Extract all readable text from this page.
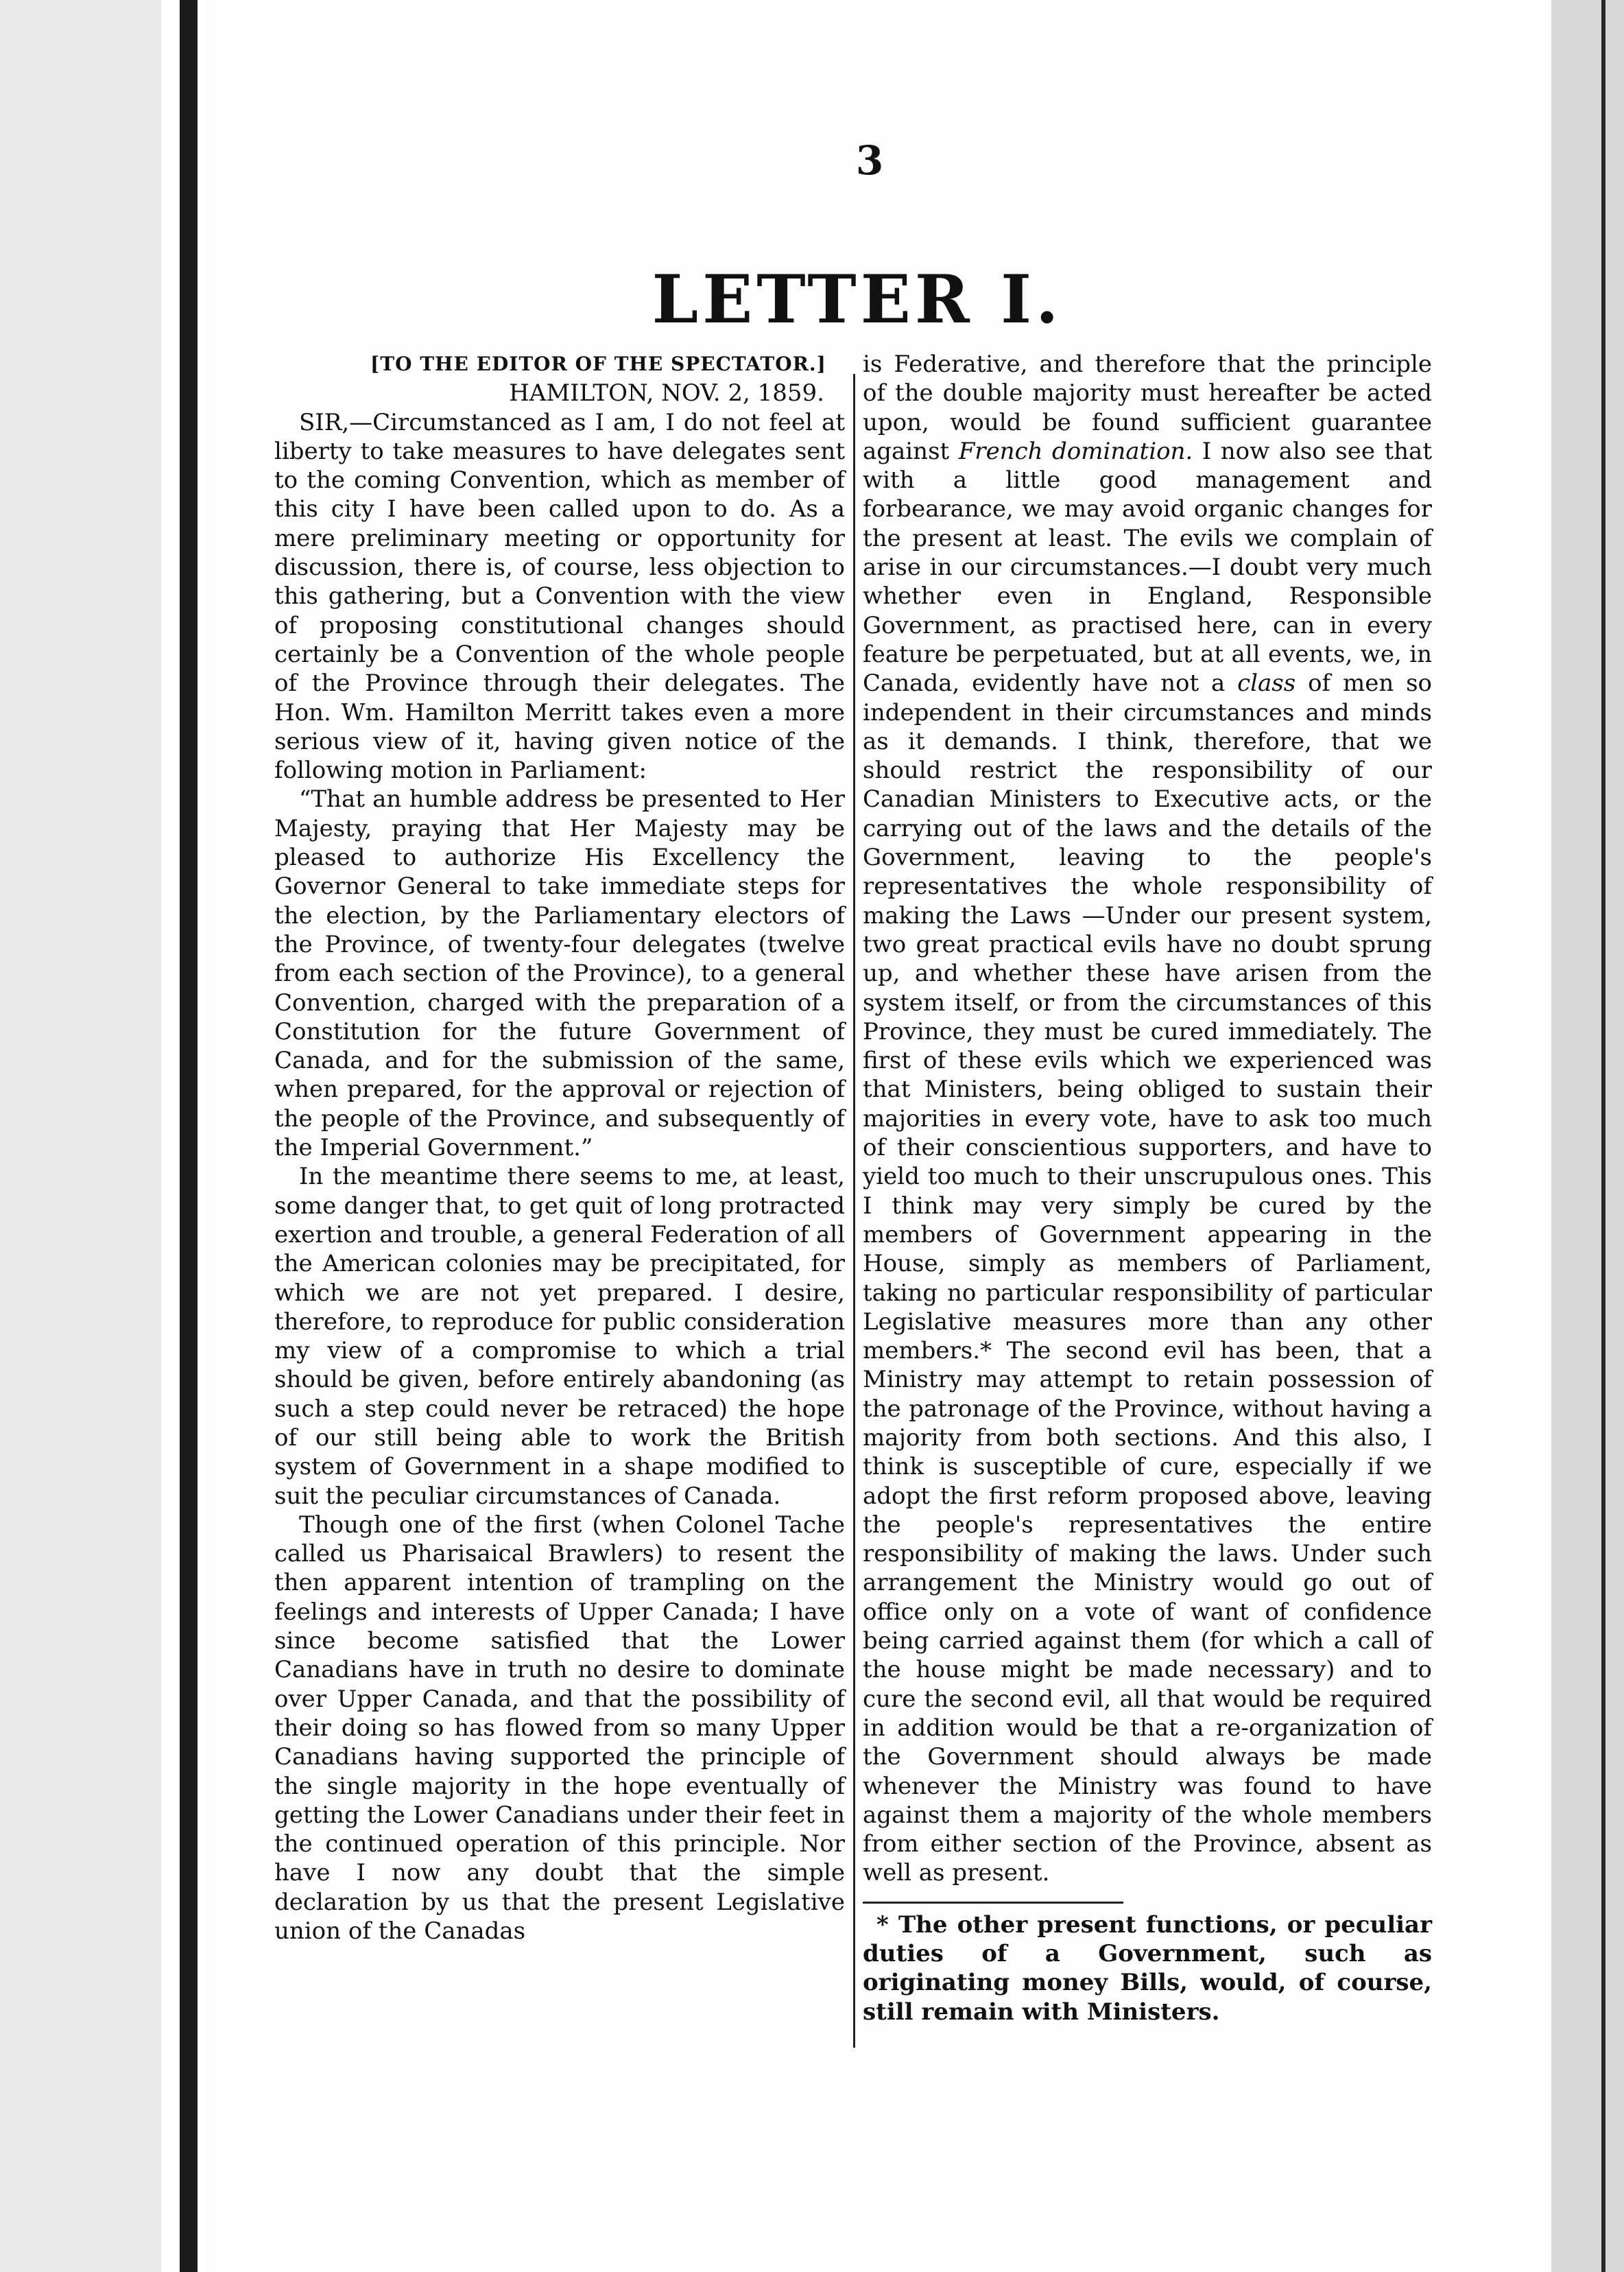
3
LETTER I.

[TO THE EDITOR OF THE SPECTATOR.]

HAMILTON, NOV. 2, 1859.

SIR,—Circumstanced as I am, I do not feel at liberty to take measures to have delegates sent to the coming Convention, which as member of this city I have been called upon to do. As a mere preliminary meeting or opportunity for discussion, there is, of course, less objection to this gathering, but a Convention with the view of proposing constitutional changes should certainly be a Convention of the whole people of the Province through their delegates. The Hon. Wm. Hamilton Merritt takes even a more serious view of it, having given notice of the following motion in Parliament:

“That an humble address be presented to Her Majesty, praying that Her Majesty may be pleased to authorize His Excellency the Governor General to take immediate steps for the election, by the Parliamentary electors of the Province, of twenty-four delegates (twelve from each section of the Province), to a general Convention, charged with the preparation of a Constitution for the future Government of Canada, and for the submission of the same, when prepared, for the approval or rejection of the people of the Province, and subsequently of the Imperial Government.”

In the meantime there seems to me, at least, some danger that, to get quit of long protracted exertion and trouble, a general Federation of all the American colonies may be precipitated, for which we are not yet prepared. I desire, therefore, to reproduce for public consideration my view of a compromise to which a trial should be given, before entirely abandoning (as such a step could never be retraced) the hope of our still being able to work the British system of Government in a shape modified to suit the peculiar circumstances of Canada.

Though one of the first (when Colonel Tache called us Pharisaical Brawlers) to resent the then apparent intention of trampling on the feelings and interests of Upper Canada; I have since become satisfied that the Lower Canadians have in truth no desire to dominate over Upper Canada, and that the possibility of their doing so has flowed from so many Upper Canadians having supported the principle of the single majority in the hope eventually of getting the Lower Canadians under their feet in the continued operation of this principle. Nor have I now any doubt that the simple declaration by us that the present Legislative union of the Canadas

is Federative, and therefore that the principle of the double majority must hereafter be acted upon, would be found sufficient guarantee against French domination. I now also see that with a little good management and forbearance, we may avoid organic changes for the present at least. The evils we complain of arise in our circumstances.—I doubt very much whether even in England, Responsible Government, as practised here, can in every feature be perpetuated, but at all events, we, in Canada, evidently have not a class of men so independent in their circumstances and minds as it demands. I think, therefore, that we should restrict the responsibility of our Canadian Ministers to Executive acts, or the carrying out of the laws and the details of the Government, leaving to the people's representatives the whole responsibility of making the Laws —Under our present system, two great practical evils have no doubt sprung up, and whether these have arisen from the system itself, or from the circumstances of this Province, they must be cured immediately. The first of these evils which we experienced was that Ministers, being obliged to sustain their majorities in every vote, have to ask too much of their conscientious supporters, and have to yield too much to their unscrupulous ones. This I think may very simply be cured by the members of Government appearing in the House, simply as members of Parliament, taking no particular responsibility of particular Legislative measures more than any other members.* The second evil has been, that a Ministry may attempt to retain possession of the patronage of the Province, without having a majority from both sections. And this also, I think is susceptible of cure, especially if we adopt the first reform proposed above, leaving the people's representatives the entire responsibility of making the laws. Under such arrangement the Ministry would go out of office only on a vote of want of confidence being carried against them (for which a call of the house might be made necessary) and to cure the second evil, all that would be required in addition would be that a re-organization of the Government should always be made whenever the Ministry was found to have against them a majority of the whole members from either section of the Province, absent as well as present.

* The other present functions, or peculiar duties of a Government, such as originating money Bills, would, of course, still remain with Ministers.
